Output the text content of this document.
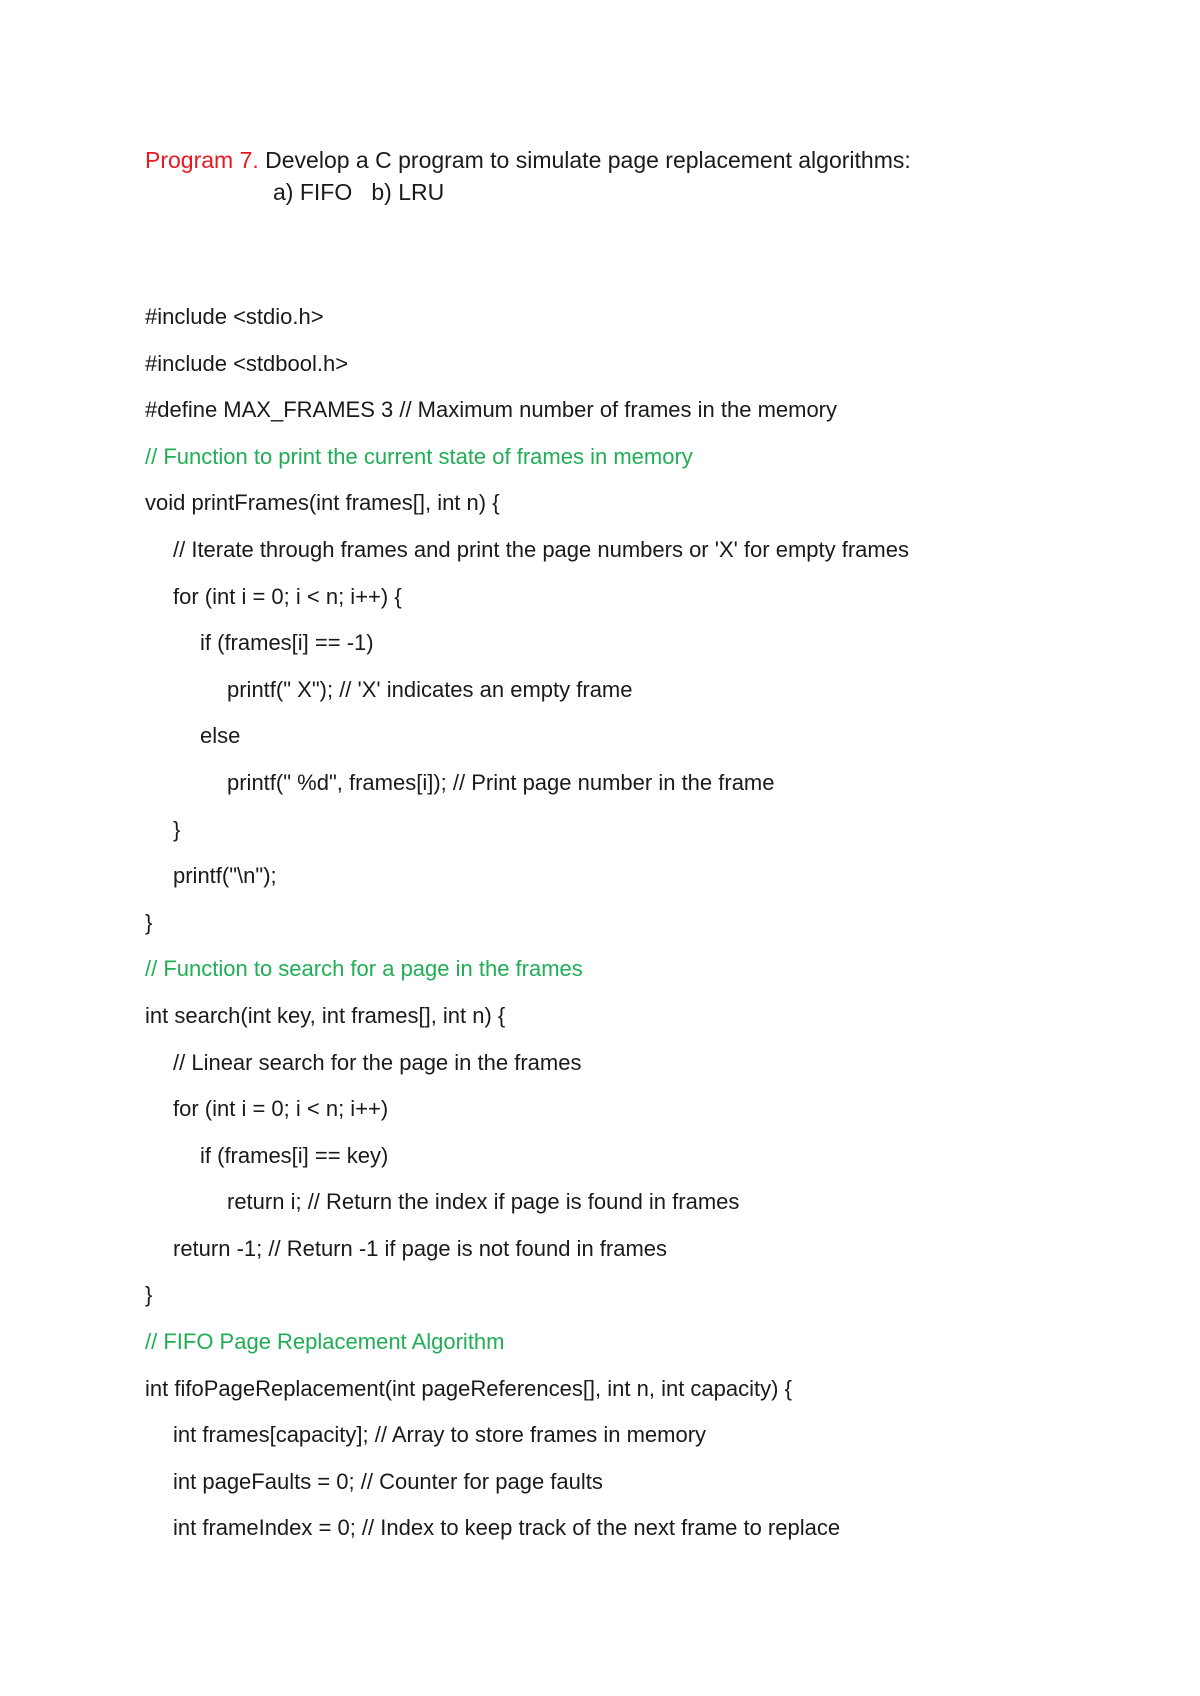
Program 7. Develop a C program to simulate page replacement algorithms:
a) FIFO   b) LRU
#include <stdio.h>
#include <stdbool.h>
#define MAX_FRAMES 3 // Maximum number of frames in the memory
// Function to print the current state of frames in memory
void printFrames(int frames[], int n) {
// Iterate through frames and print the page numbers or 'X' for empty frames
for (int i = 0; i < n; i++) {
if (frames[i] == -1)
printf(" X"); // 'X' indicates an empty frame
else
printf(" %d", frames[i]); // Print page number in the frame
}
printf("\n");
}
// Function to search for a page in the frames
int search(int key, int frames[], int n) {
// Linear search for the page in the frames
for (int i = 0; i < n; i++)
if (frames[i] == key)
return i; // Return the index if page is found in frames
return -1; // Return -1 if page is not found in frames
}
// FIFO Page Replacement Algorithm
int fifoPageReplacement(int pageReferences[], int n, int capacity) {
int frames[capacity]; // Array to store frames in memory
int pageFaults = 0; // Counter for page faults
int frameIndex = 0; // Index to keep track of the next frame to replace
